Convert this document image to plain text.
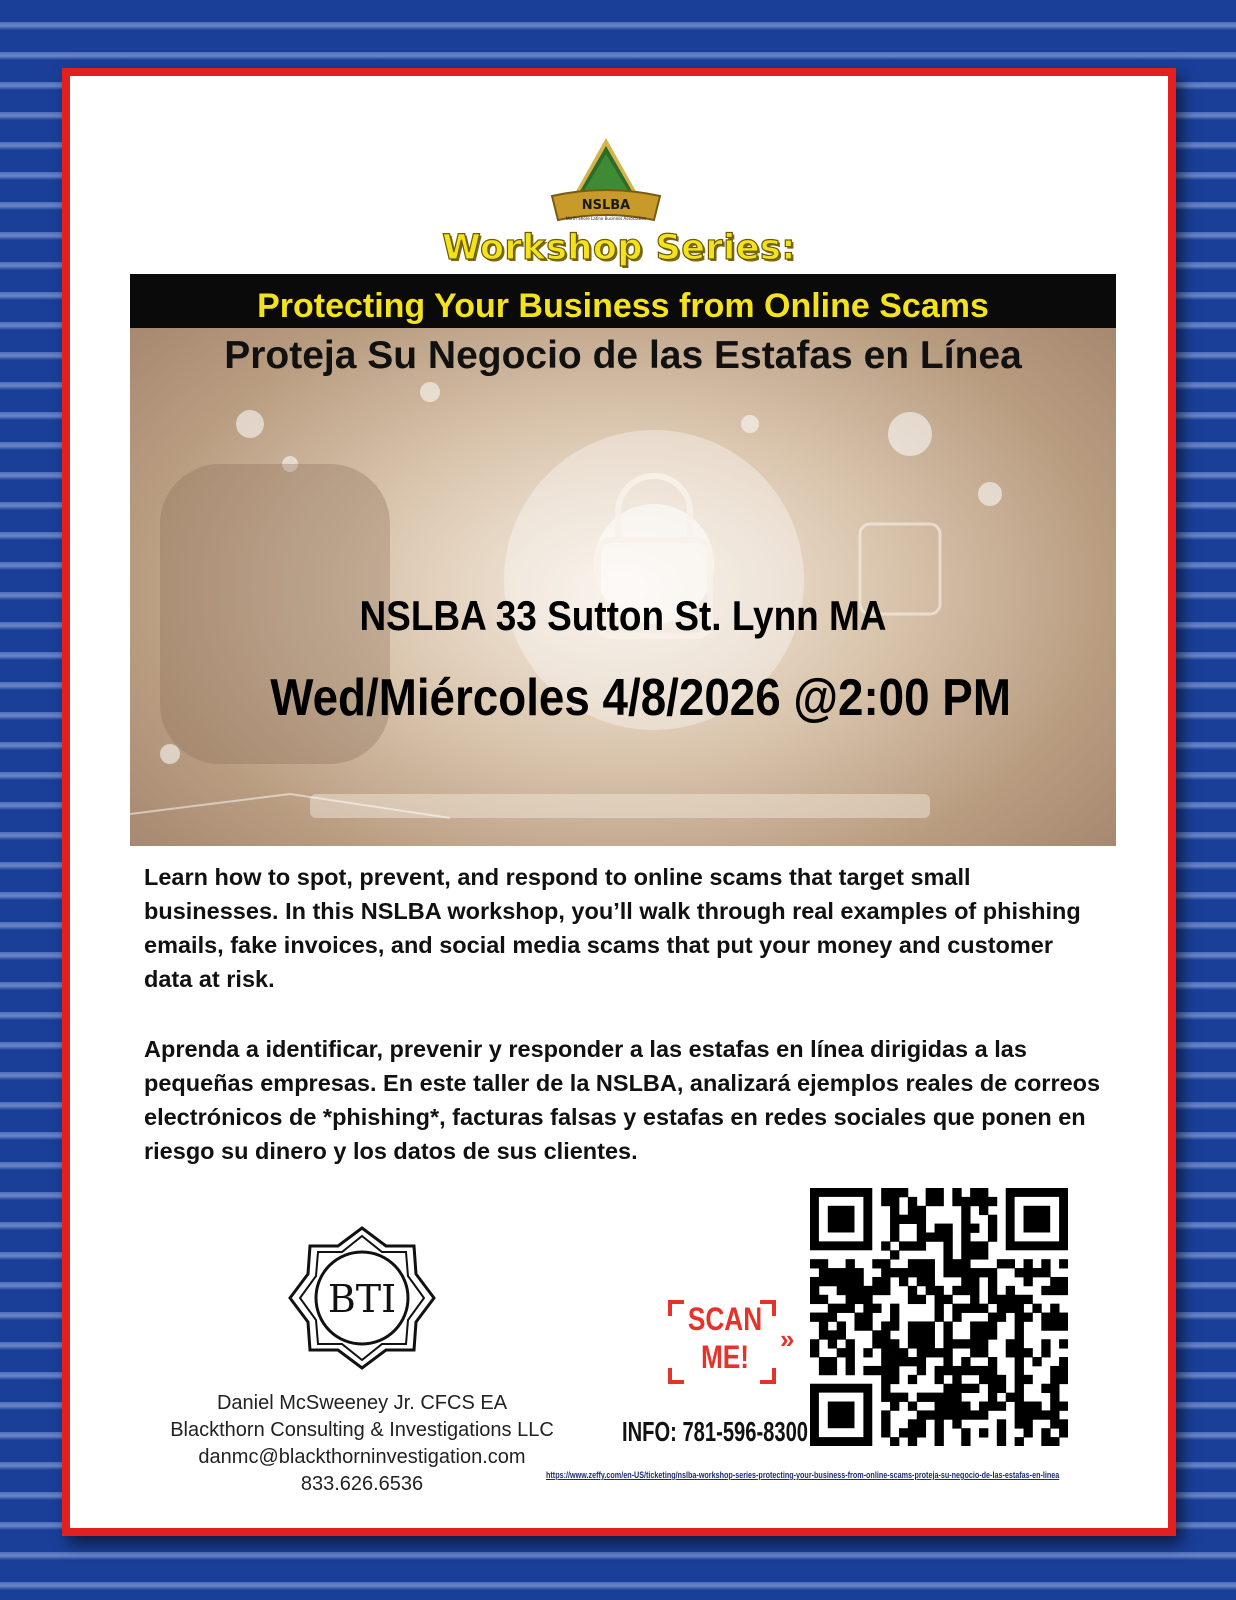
NSLBA
North Shore Latino Business Association
Workshop Series:
Protecting Your Business from Online Scams
Proteja Su Negocio de las Estafas en Línea
NSLBA 33 Sutton St. Lynn MA
Wed/Miércoles 4/8/2026 @2:00 PM

Learn how to spot, prevent, and respond to online scams that target small businesses. In this NSLBA workshop, you’ll walk through real examples of phishing emails, fake invoices, and social media scams that put your money and customer data at risk.

Aprenda a identificar, prevenir y responder a las estafas en línea dirigidas a las pequeñas empresas. En este taller de la NSLBA, analizará ejemplos reales de correos electrónicos de *phishing*, facturas falsas y estafas en redes sociales que ponen en riesgo su dinero y los datos de sus clientes.

BTI
Daniel McSweeney Jr. CFCS EA
Blackthorn Consulting & Investigations LLC
danmc@blackthorninvestigation.com
833.626.6536
SCAN
ME!	»
INFO: 781-596-8300
https://www.zeffy.com/en-US/ticketing/nslba-workshop-series-protecting-your-business-from-online-scams-proteja-su-negocio-de-las-estafas-en-linea
